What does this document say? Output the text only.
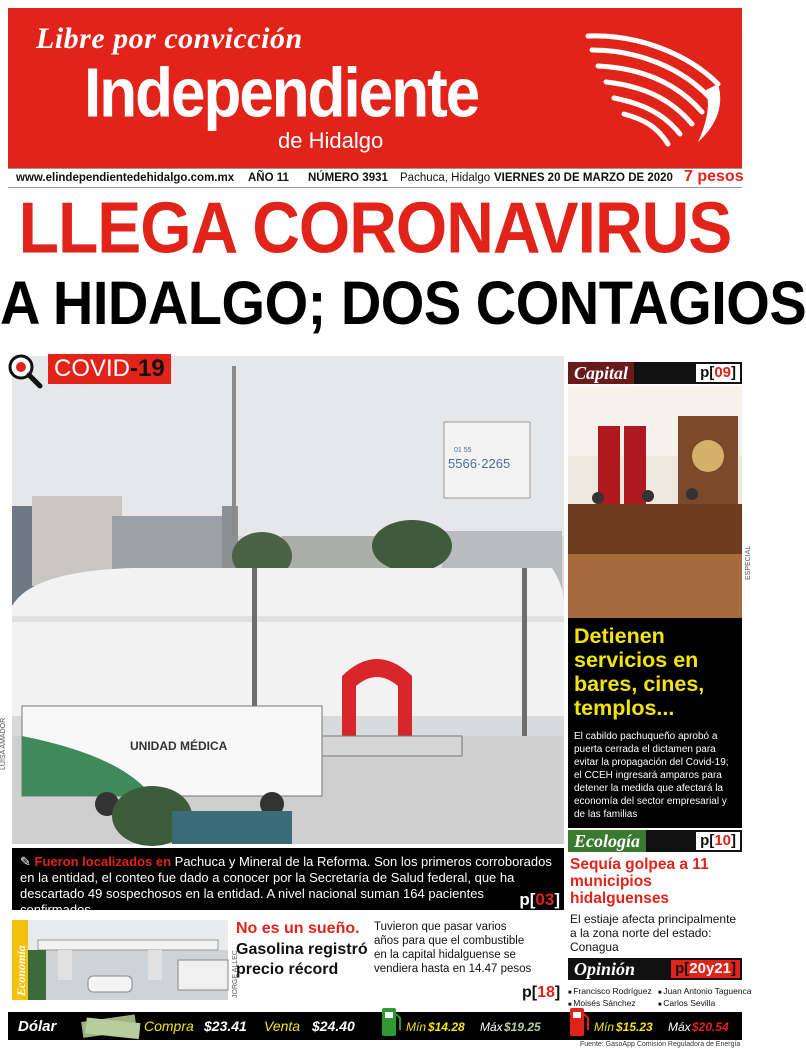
Libre por convicción
Independiente
de Hidalgo
www.elindependientedehidalgo.com.mx AÑO 11 NÚMERO 3931 Pachuca, Hidalgo VIERNES 20 DE MARZO DE 2020 7 pesos
LLEGA CORONAVIRUS
A HIDALGO; DOS CONTAGIOS
01 55
5566·2265
UNIDAD MÉDICA
COVID-19
LUISA AMADOR
✎ Fueron localizados en Pachuca y Mineral de la Reforma. Son los primeros corroborados en la entidad, el conteo fue dado a conocer por la Secretaría de Salud federal, que ha descartado 49 sospechosos en la entidad. A nivel nacional suman 164 pacientes confirmados
p[03]
Capital	p[09]
ESPECIAL
Detienen servicios en bares, cines, templos...
El cabildo pachuqueño aprobó a puerta cerrada el dictamen para evitar la propagación del Covid-19; el CCEH ingresará amparos para detener la medida que afectará la economía del sector empresarial y de las familias
Ecología	p[10]
Sequía golpea a 11 municipios hidalguenses
El estiaje afecta principalmente a la zona norte del estado: Conagua
Opinión	p[20y21]
■ Francisco Rodríguez	■ Juan Antonio Taguenca
■ Moisés Sánchez	■ Carlos Sevilla
Economía	JORGE ALLEC
No es un sueño.
Gasolina registró precio récord
Tuvieron que pasar varios años para que el combustible en la capital hidalguense se vendiera hasta en 14.47 pesos
p[18]
Dólar	Compra $23.41 Venta $24.40	Mín $14.28 Máx $19.25	Mín $15.23 Máx $20.54
Fuente: GasoApp Comisión Reguladora de Energía
